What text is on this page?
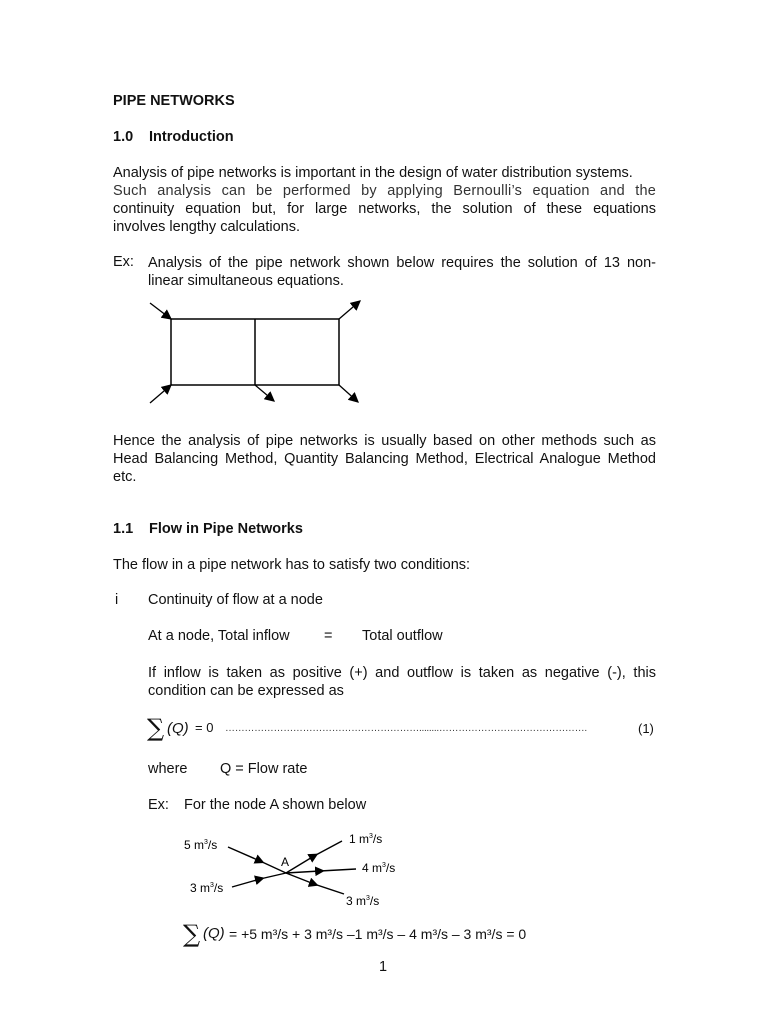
PIPE NETWORKS

1.0 Introduction

Analysis of pipe networks is important in the design of water distribution systems.
Such analysis can be performed by applying Bernoulli’s equation and the
continuity equation but, for large networks, the solution of these equations
involves lengthy calculations.

Ex: Analysis of the pipe network shown below requires the solution of 13 non-
linear simultaneous equations.
Hence the analysis of pipe networks is usually based on other methods such as
Head Balancing Method, Quantity Balancing Method, Electrical Analogue Method
etc.

1.1 Flow in Pipe Networks

The flow in a pipe network has to satisfy two conditions:

i Continuity of flow at a node

At a node, Total inflow = Total outflow

If inflow is taken as positive (+) and outflow is taken as negative (-), this
condition can be expressed as
∑ (Q) = 0 ……………………………………………………........……………………………………….	(1)

where Q = Flow rate

Ex: For the node A shown below

A
5 $m^3/s$
3 $m^3/s$
1 $m^3/s$
4 $m^3/s$
3 $m^3/s$
∑ (Q) = +5 m³/s + 3 m³/s –1 m³/s – 4 m³/s – 3 m³/s = 0

1
